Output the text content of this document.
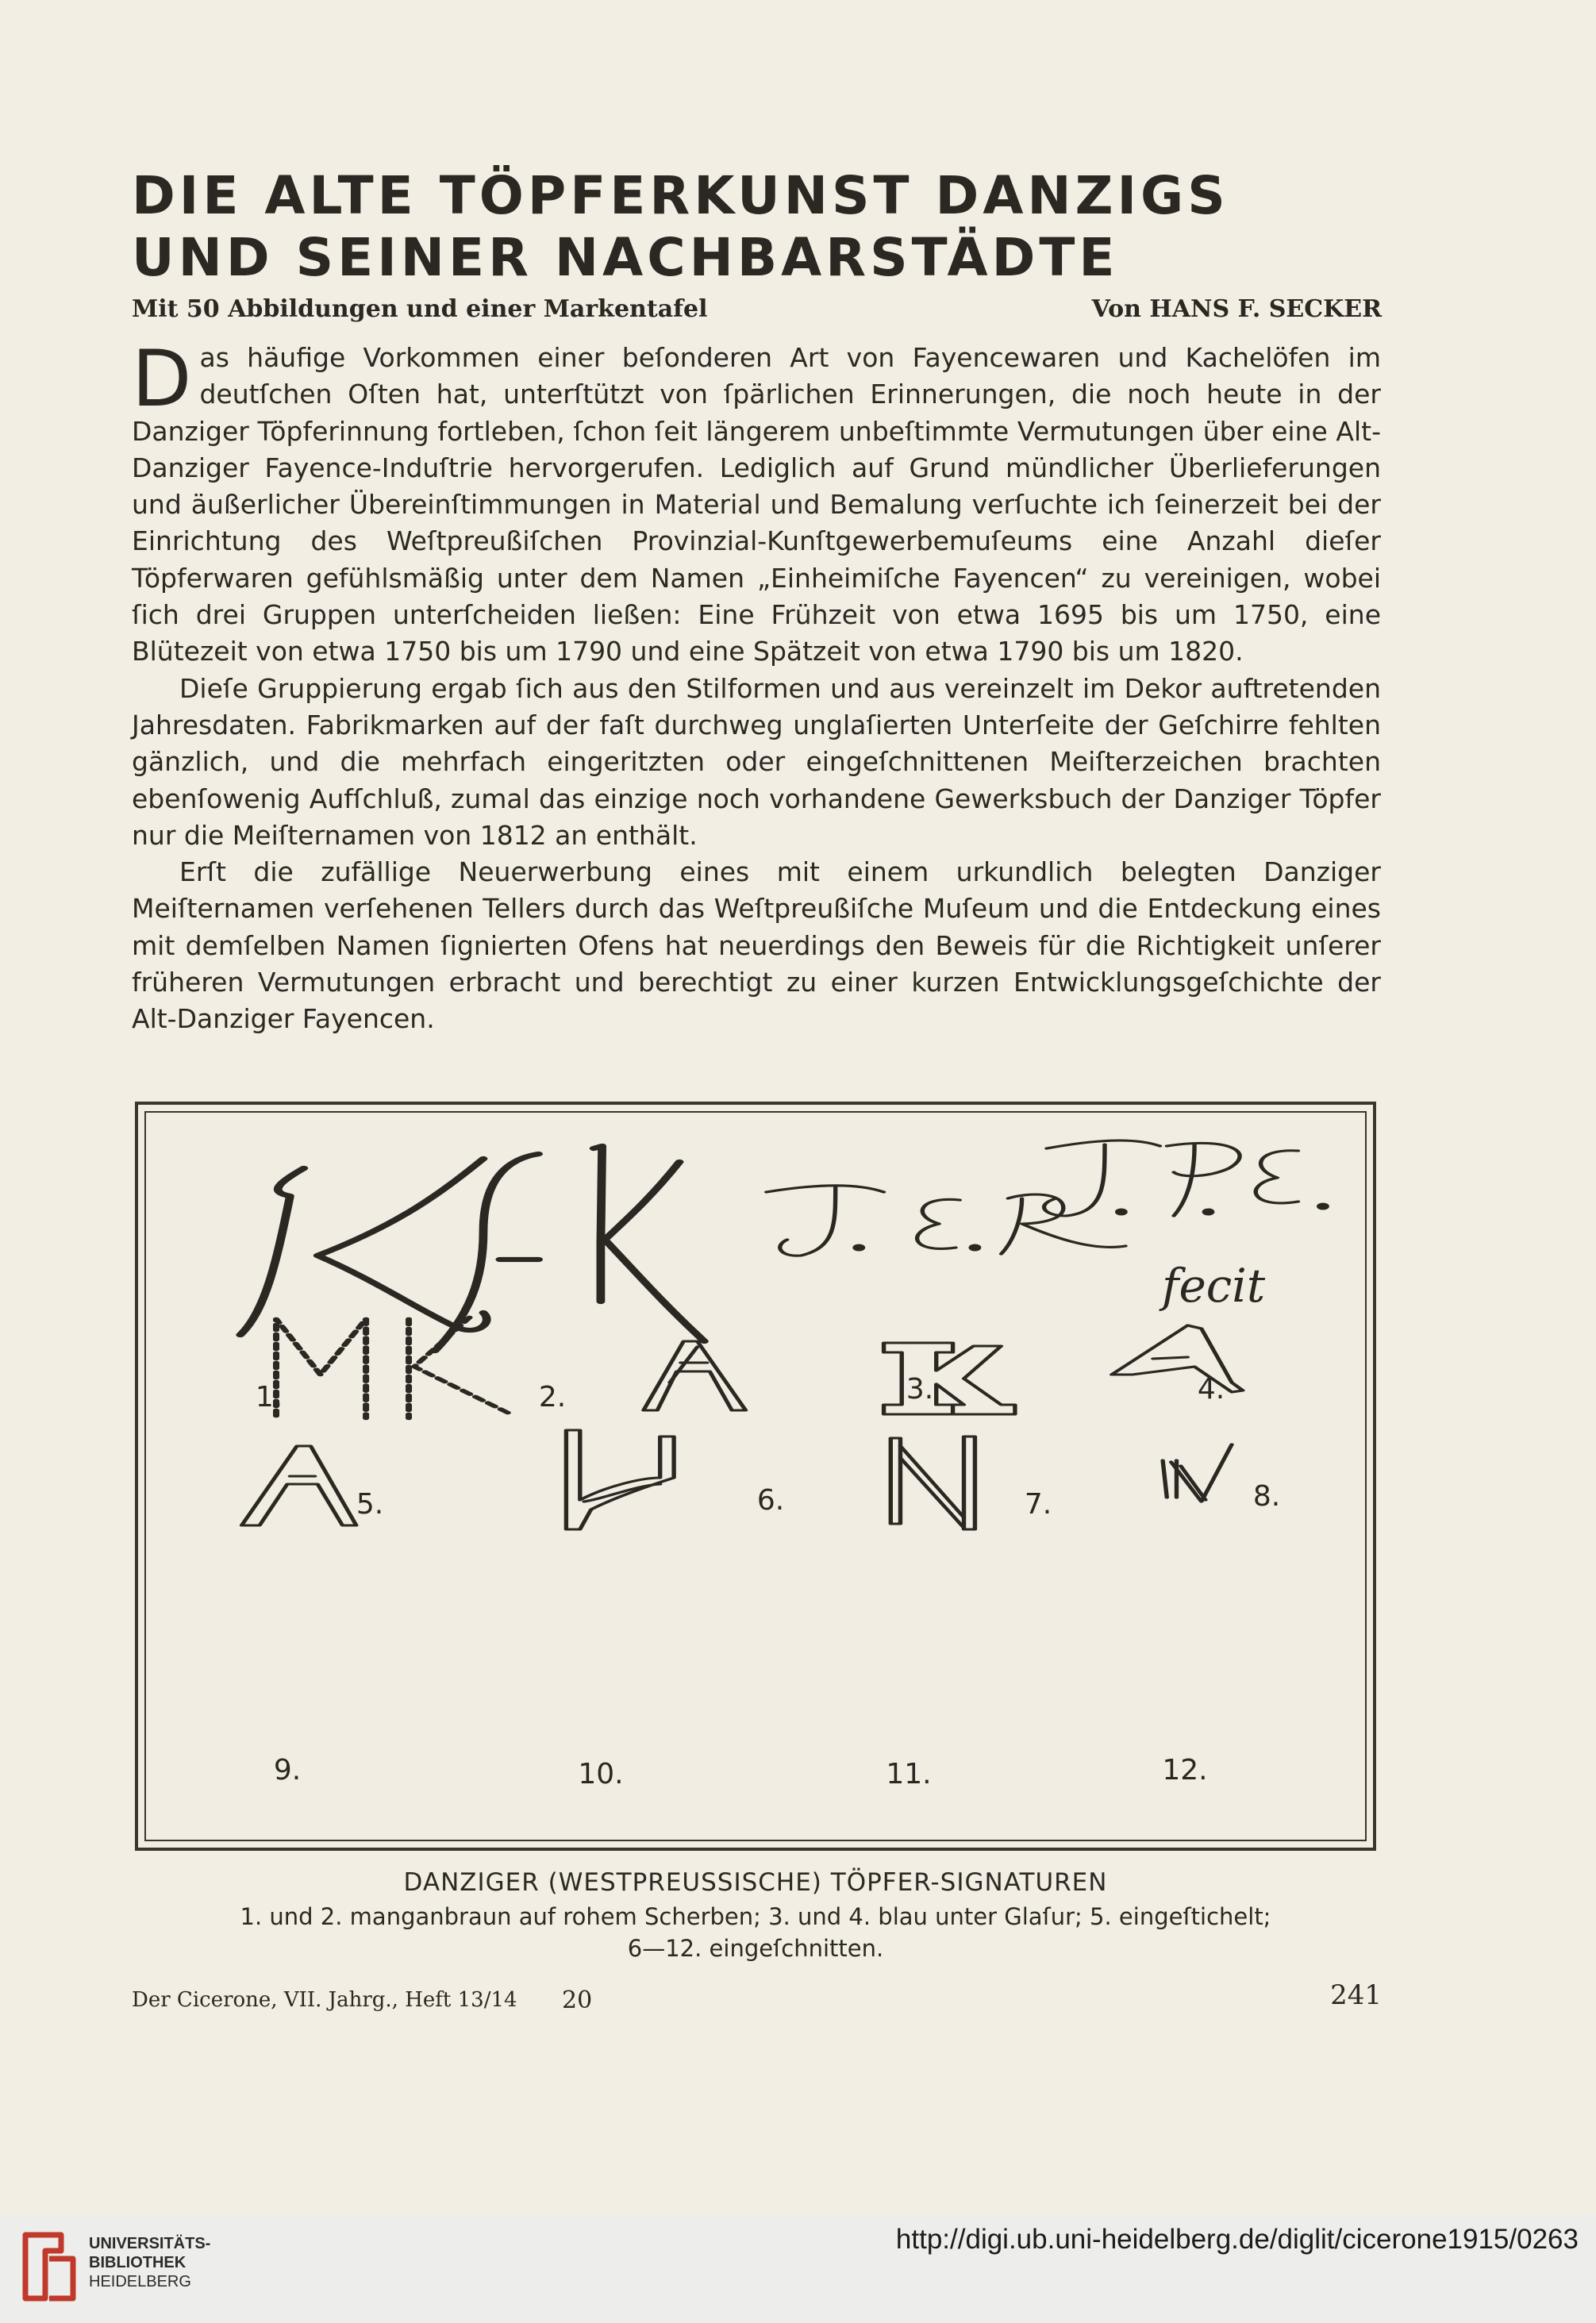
DIE ALTE TÖPFERKUNST DANZIGS
UND SEINER NACHBARSTÄDTE
Mit 50 Abbildungen und einer Markentafel	Von HANS F. SECKER

Das häufige Vorkommen einer beſonderen Art von Fayencewaren und Kachelöfen im deutſchen Oſten hat, unterſtützt von ſpärlichen Erinnerungen, die noch heute in der Danziger Töpferinnung fortleben, ſchon ſeit längerem unbeſtimmte Vermutungen über eine Alt-Danziger Fayence-Induſtrie hervorgerufen. Lediglich auf Grund mündlicher Überlieferungen und äußerlicher Übereinſtimmungen in Material und Bemalung verſuchte ich ſeinerzeit bei der Einrichtung des Weſtpreußiſchen Provinzial-Kunſtgewerbemuſeums eine Anzahl dieſer Töpferwaren gefühlsmäßig unter dem Namen „Einheimiſche Fayencen“ zu vereinigen, wobei ſich drei Gruppen unterſcheiden ließen: Eine Frühzeit von etwa 1695 bis um 1750, eine Blütezeit von etwa 1750 bis um 1790 und eine Spätzeit von etwa 1790 bis um 1820.

Dieſe Gruppierung ergab ſich aus den Stilformen und aus vereinzelt im Dekor auftretenden Jahresdaten. Fabrikmarken auf der faſt durchweg unglaſierten Unterſeite der Geſchirre fehlten gänzlich, und die mehrfach eingeritzten oder eingeſchnittenen Meiſterzeichen brachten ebenſowenig Aufſchluß, zumal das einzige noch vorhandene Gewerksbuch der Danziger Töpfer nur die Meiſternamen von 1812 an enthält.

Erſt die zufällige Neuerwerbung eines mit einem urkundlich belegten Danziger Meiſternamen verſehenen Tellers durch das Weſtpreußiſche Muſeum und die Entdeckung eines mit demſelben Namen ſignierten Ofens hat neuerdings den Beweis für die Richtigkeit unſerer früheren Vermutungen erbracht und berechtigt zu einer kurzen Entwicklungsgeſchichte der Alt-Danziger Fayencen.

1.	2.	3.	4.
5.	6.	7.	8.
9.	10.	11.	12.
fecit
DANZIGER (WESTPREUSSISCHE) TÖPFER-SIGNATUREN
1. und 2. manganbraun auf rohem Scherben; 3. und 4. blau unter Glaſur; 5. eingeſtichelt;
6—12. eingeſchnitten.
Der Cicerone, VII. Jahrg., Heft 13/14 20	241
UNIVERSITÄTS-
BIBLIOTHEK
HEIDELBERG
http://digi.ub.uni-heidelberg.de/diglit/cicerone1915/0263
